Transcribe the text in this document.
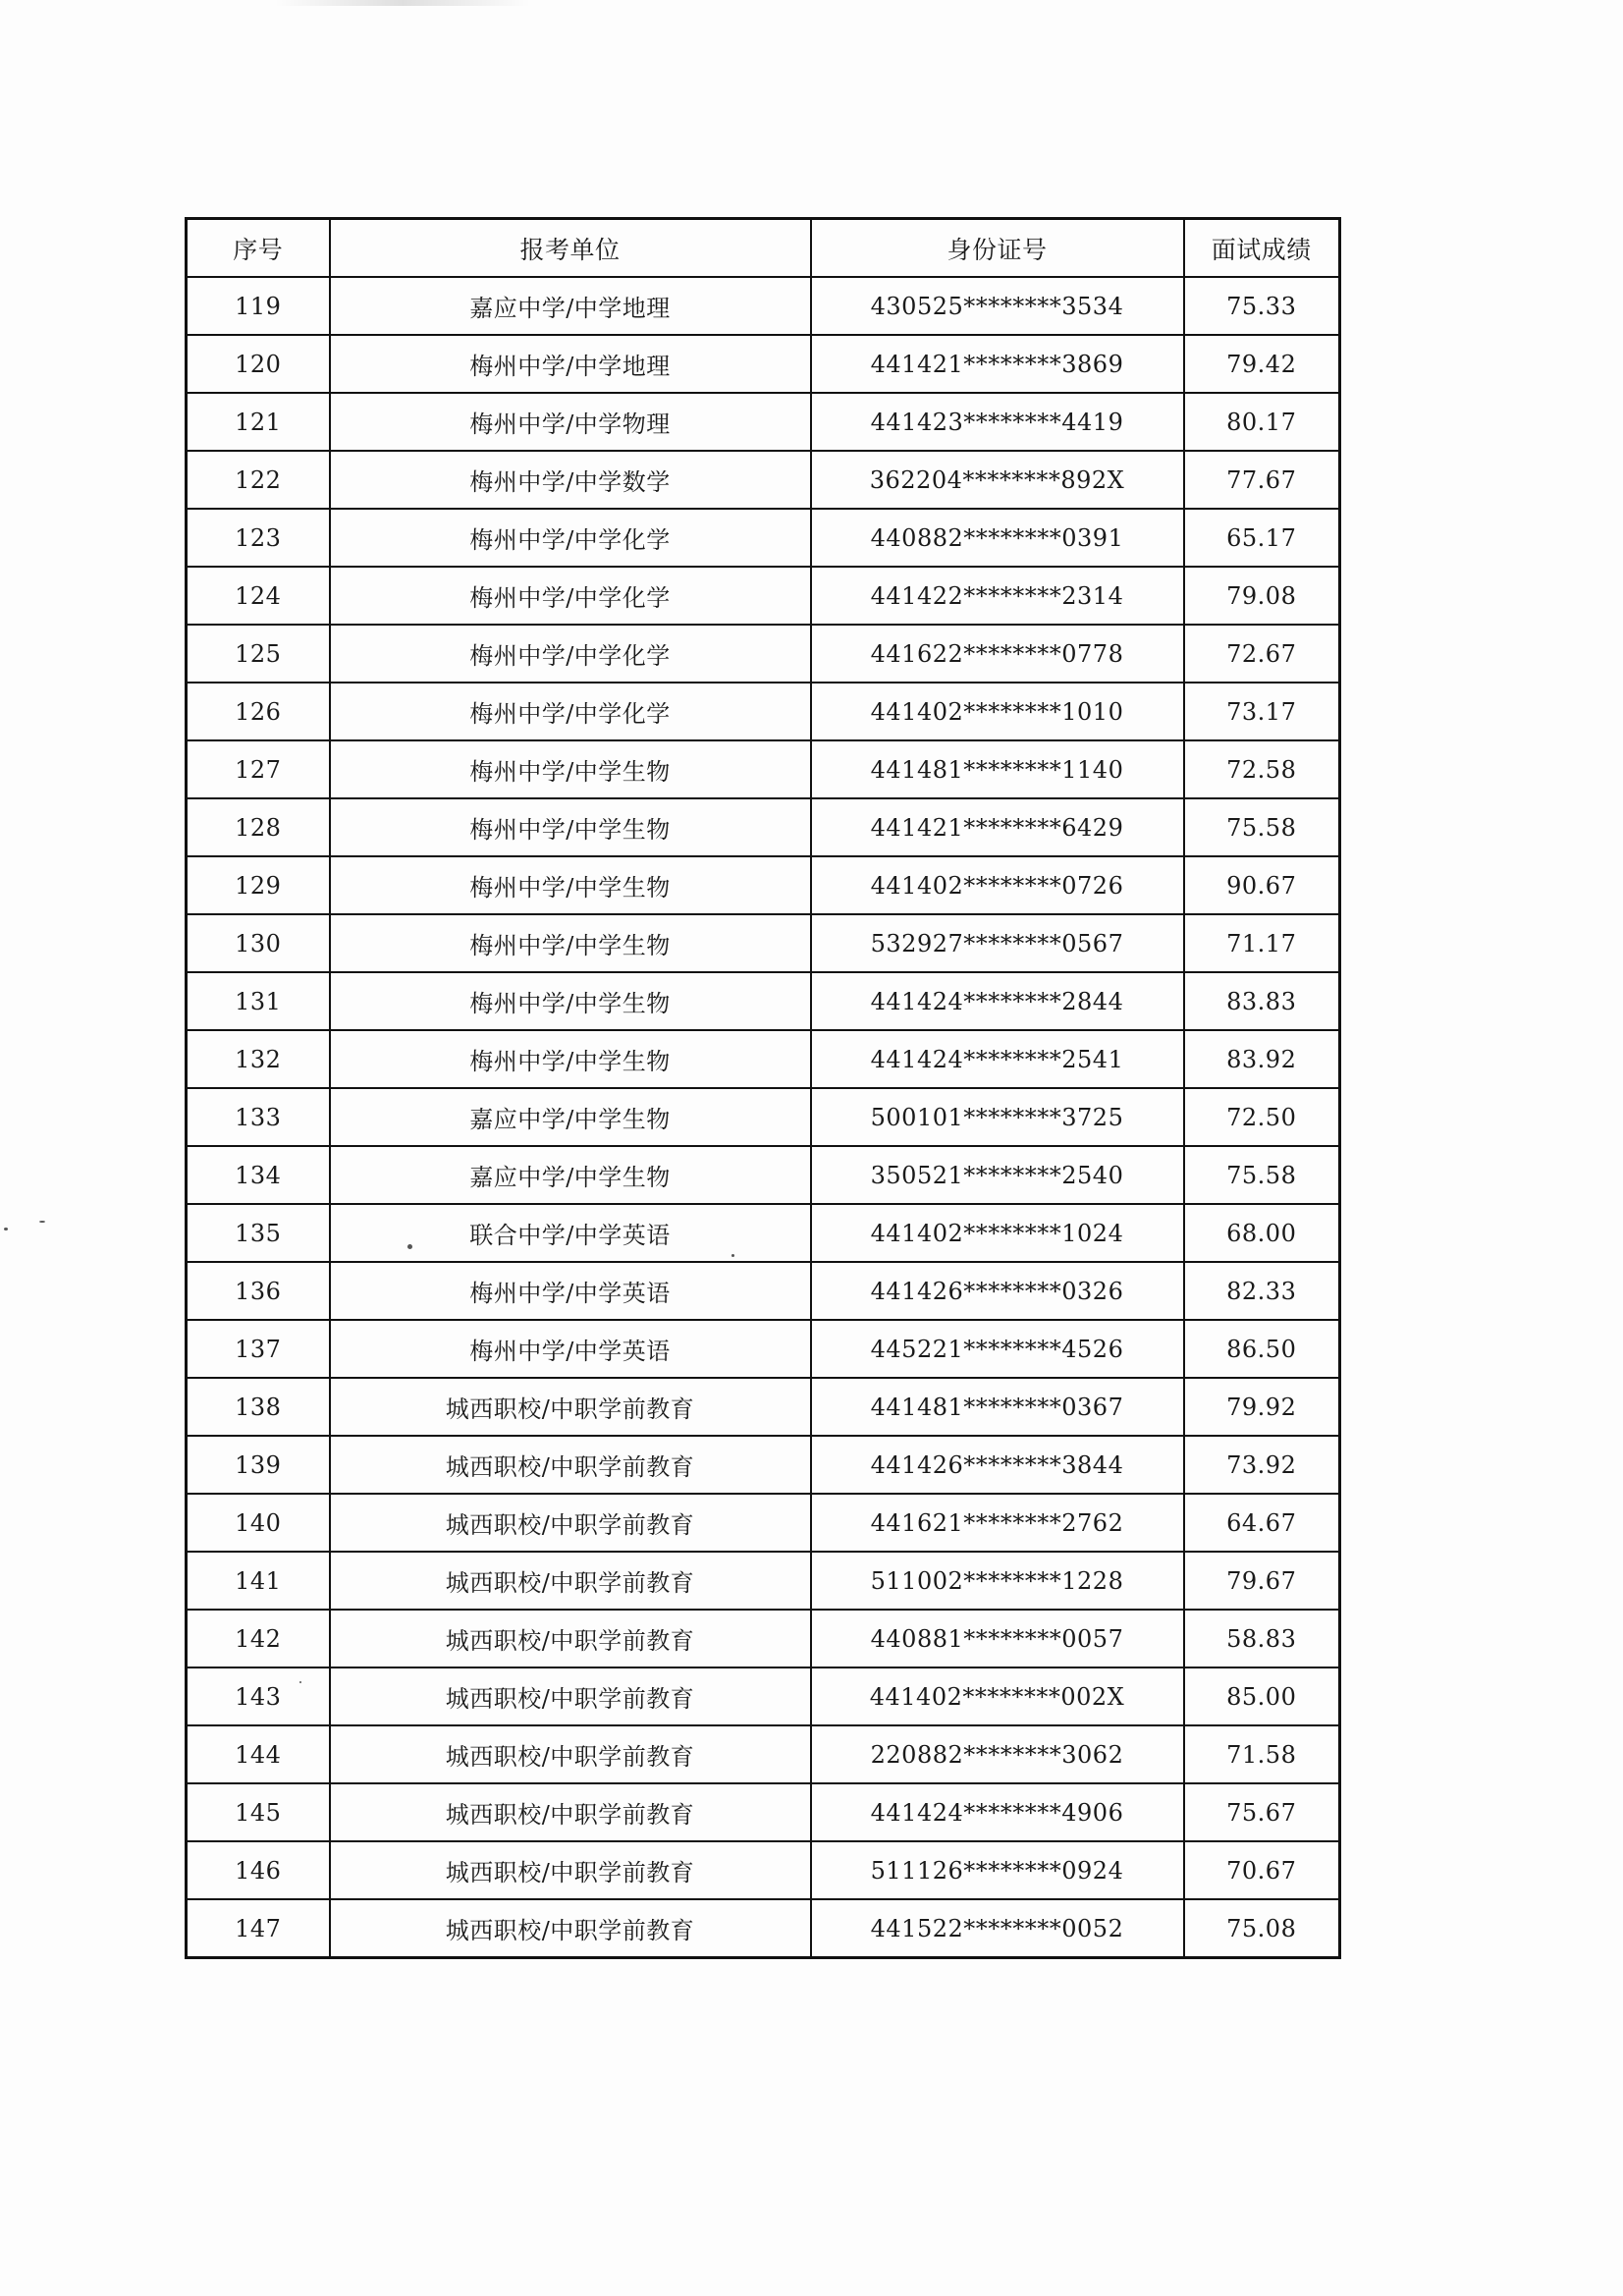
序号	报考单位	身份证号	面试成绩
119	嘉应中学/中学地理	430525********3534	75.33
120	梅州中学/中学地理	441421********3869	79.42
121	梅州中学/中学物理	441423********4419	80.17
122	梅州中学/中学数学	362204********892X	77.67
123	梅州中学/中学化学	440882********0391	65.17
124	梅州中学/中学化学	441422********2314	79.08
125	梅州中学/中学化学	441622********0778	72.67
126	梅州中学/中学化学	441402********1010	73.17
127	梅州中学/中学生物	441481********1140	72.58
128	梅州中学/中学生物	441421********6429	75.58
129	梅州中学/中学生物	441402********0726	90.67
130	梅州中学/中学生物	532927********0567	71.17
131	梅州中学/中学生物	441424********2844	83.83
132	梅州中学/中学生物	441424********2541	83.92
133	嘉应中学/中学生物	500101********3725	72.50
134	嘉应中学/中学生物	350521********2540	75.58
135	联合中学/中学英语	441402********1024	68.00
136	梅州中学/中学英语	441426********0326	82.33
137	梅州中学/中学英语	445221********4526	86.50
138	城西职校/中职学前教育	441481********0367	79.92
139	城西职校/中职学前教育	441426********3844	73.92
140	城西职校/中职学前教育	441621********2762	64.67
141	城西职校/中职学前教育	511002********1228	79.67
142	城西职校/中职学前教育	440881********0057	58.83
143	城西职校/中职学前教育	441402********002X	85.00
144	城西职校/中职学前教育	220882********3062	71.58
145	城西职校/中职学前教育	441424********4906	75.67
146	城西职校/中职学前教育	511126********0924	70.67
147	城西职校/中职学前教育	441522********0052	75.08
